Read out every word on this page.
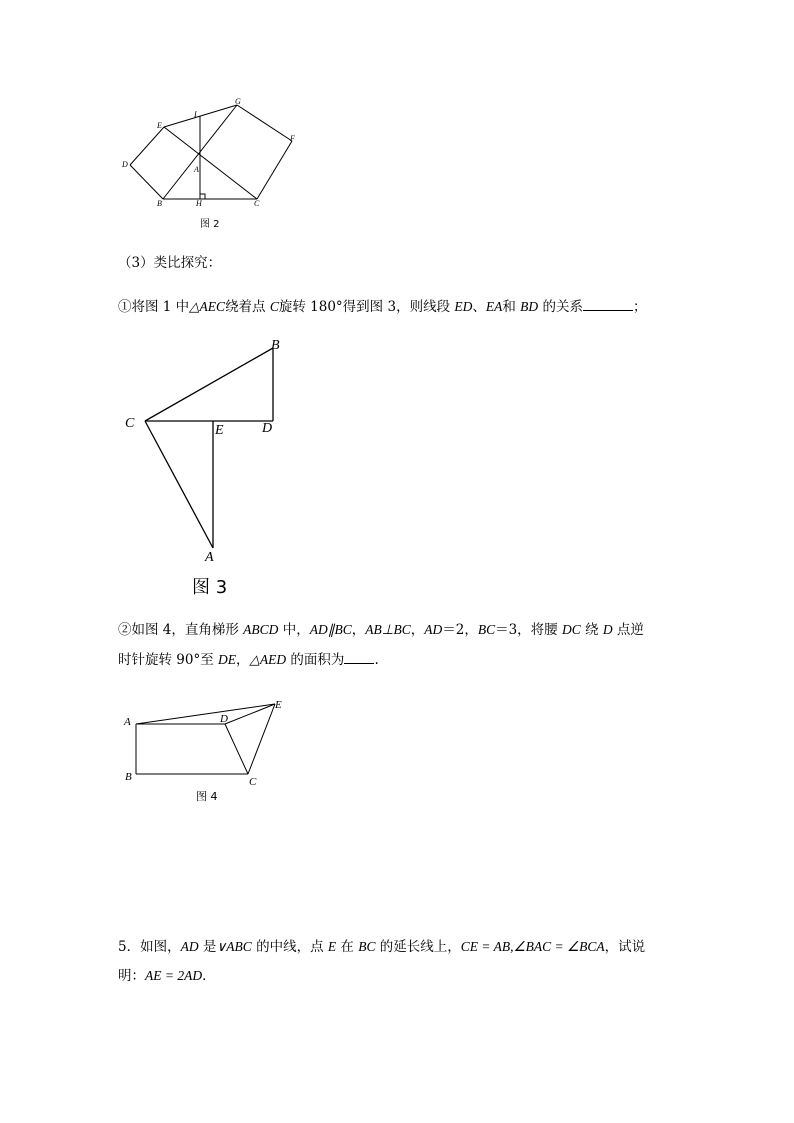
I
G
E
F
D
A
B	H	C
图 2
（3）类比探究：
①将图 1 中△AEC绕着点 C旋转 180°得到图 3，则线段 ED、EA和 BD 的关系	；
B
C	E	D
A
图 3
②如图 4，直角梯形 ABCD 中，AD∥BC，AB⊥BC，AD＝2，BC＝3，将腰 DC 绕 D 点逆
时针旋转 90°至 DE，△AED 的面积为 .
A	D
E
B	C
图 4
5．如图，AD 是∨ABC 的中线，点 E 在 BC 的延长线上，CE = AB,∠BAC = ∠BCA，试说
明：AE = 2AD．
